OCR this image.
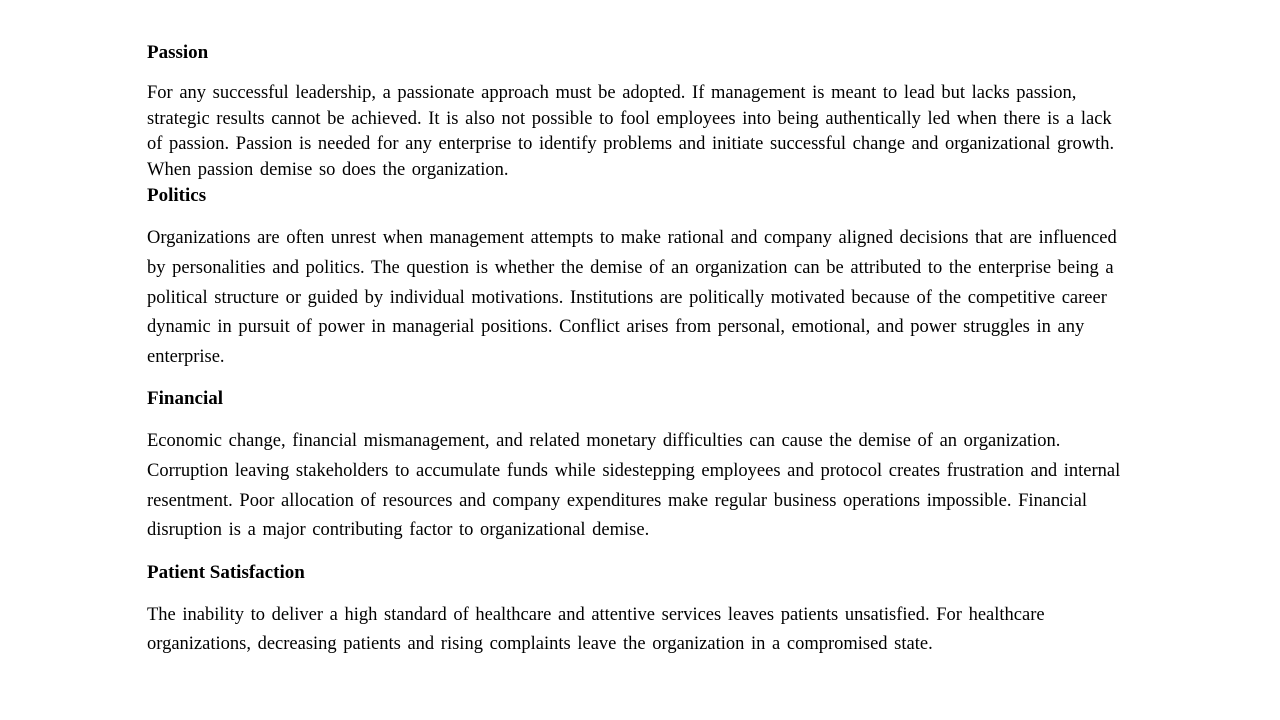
Passion

For any successful leadership, a passionate approach must be adopted. If management is meant to lead but lacks passion, strategic results cannot be achieved. It is also not possible to fool employees into being authentically led when there is a lack of passion. Passion is needed for any enterprise to identify problems and initiate successful change and organizational growth. When passion demise so does the organization.

Politics

Organizations are often unrest when management attempts to make rational and company aligned decisions that are influenced by personalities and politics. The question is whether the demise of an organization can be attributed to the enterprise being a political structure or guided by individual motivations. Institutions are politically motivated because of the competitive career dynamic in pursuit of power in managerial positions. Conflict arises from personal, emotional, and power struggles in any enterprise.

Financial

Economic change, financial mismanagement, and related monetary difficulties can cause the demise of an organization. Corruption leaving stakeholders to accumulate funds while sidestepping employees and protocol creates frustration and internal resentment. Poor allocation of resources and company expenditures make regular business operations impossible. Financial disruption is a major contributing factor to organizational demise.

Patient Satisfaction

The inability to deliver a high standard of healthcare and attentive services leaves patients unsatisfied. For healthcare organizations, decreasing patients and rising complaints leave the organization in a compromised state.
